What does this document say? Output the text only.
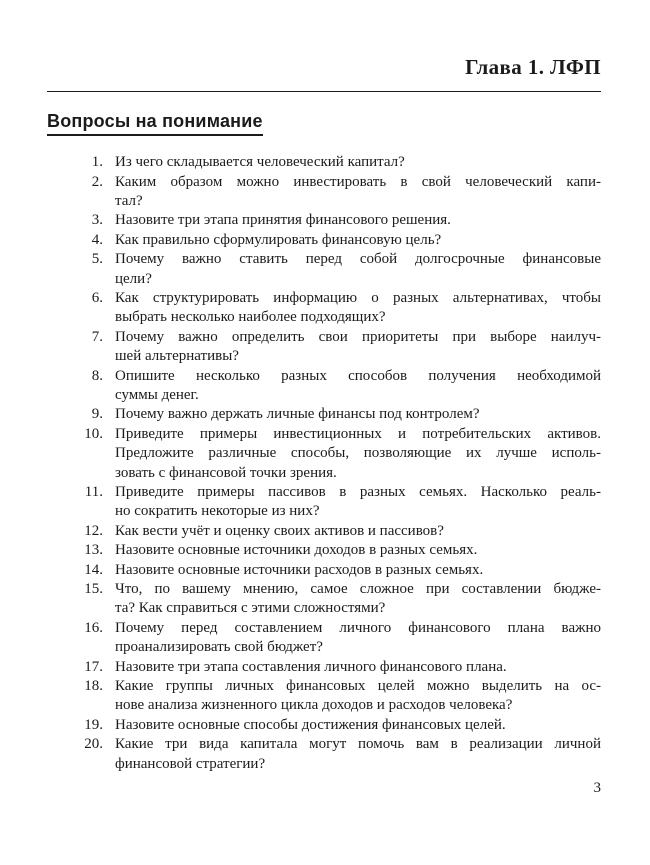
Глава 1. ЛФП
Вопросы на понимание
1. Из чего складывается человеческий капитал?
2. Каким образом можно инвестировать в свой человеческий капи-
тал?
3. Назовите три этапа принятия финансового решения.
4. Как правильно сформулировать финансовую цель?
5. Почему важно ставить перед собой долгосрочные финансовые
цели?
6. Как структурировать информацию о разных альтернативах, чтобы
выбрать несколько наиболее подходящих?
7. Почему важно определить свои приоритеты при выборе наилуч-
шей альтернативы?
8. Опишите несколько разных способов получения необходимой
суммы денег.
9. Почему важно держать личные финансы под контролем?
10. Приведите примеры инвестиционных и потребительских активов.
Предложите различные способы, позволяющие их лучше исполь-
зовать с финансовой точки зрения.
11. Приведите примеры пассивов в разных семьях. Насколько реаль-
но сократить некоторые из них?
12. Как вести учёт и оценку своих активов и пассивов?
13. Назовите основные источники доходов в разных семьях.
14. Назовите основные источники расходов в разных семьях.
15. Что, по вашему мнению, самое сложное при составлении бюдже-
та? Как справиться с этими сложностями?
16. Почему перед составлением личного финансового плана важно
проанализировать свой бюджет?
17. Назовите три этапа составления личного финансового плана.
18. Какие группы личных финансовых целей можно выделить на ос-
нове анализа жизненного цикла доходов и расходов человека?
19. Назовите основные способы достижения финансовых целей.
20. Какие три вида капитала могут помочь вам в реализации личной
финансовой стратегии?
3
